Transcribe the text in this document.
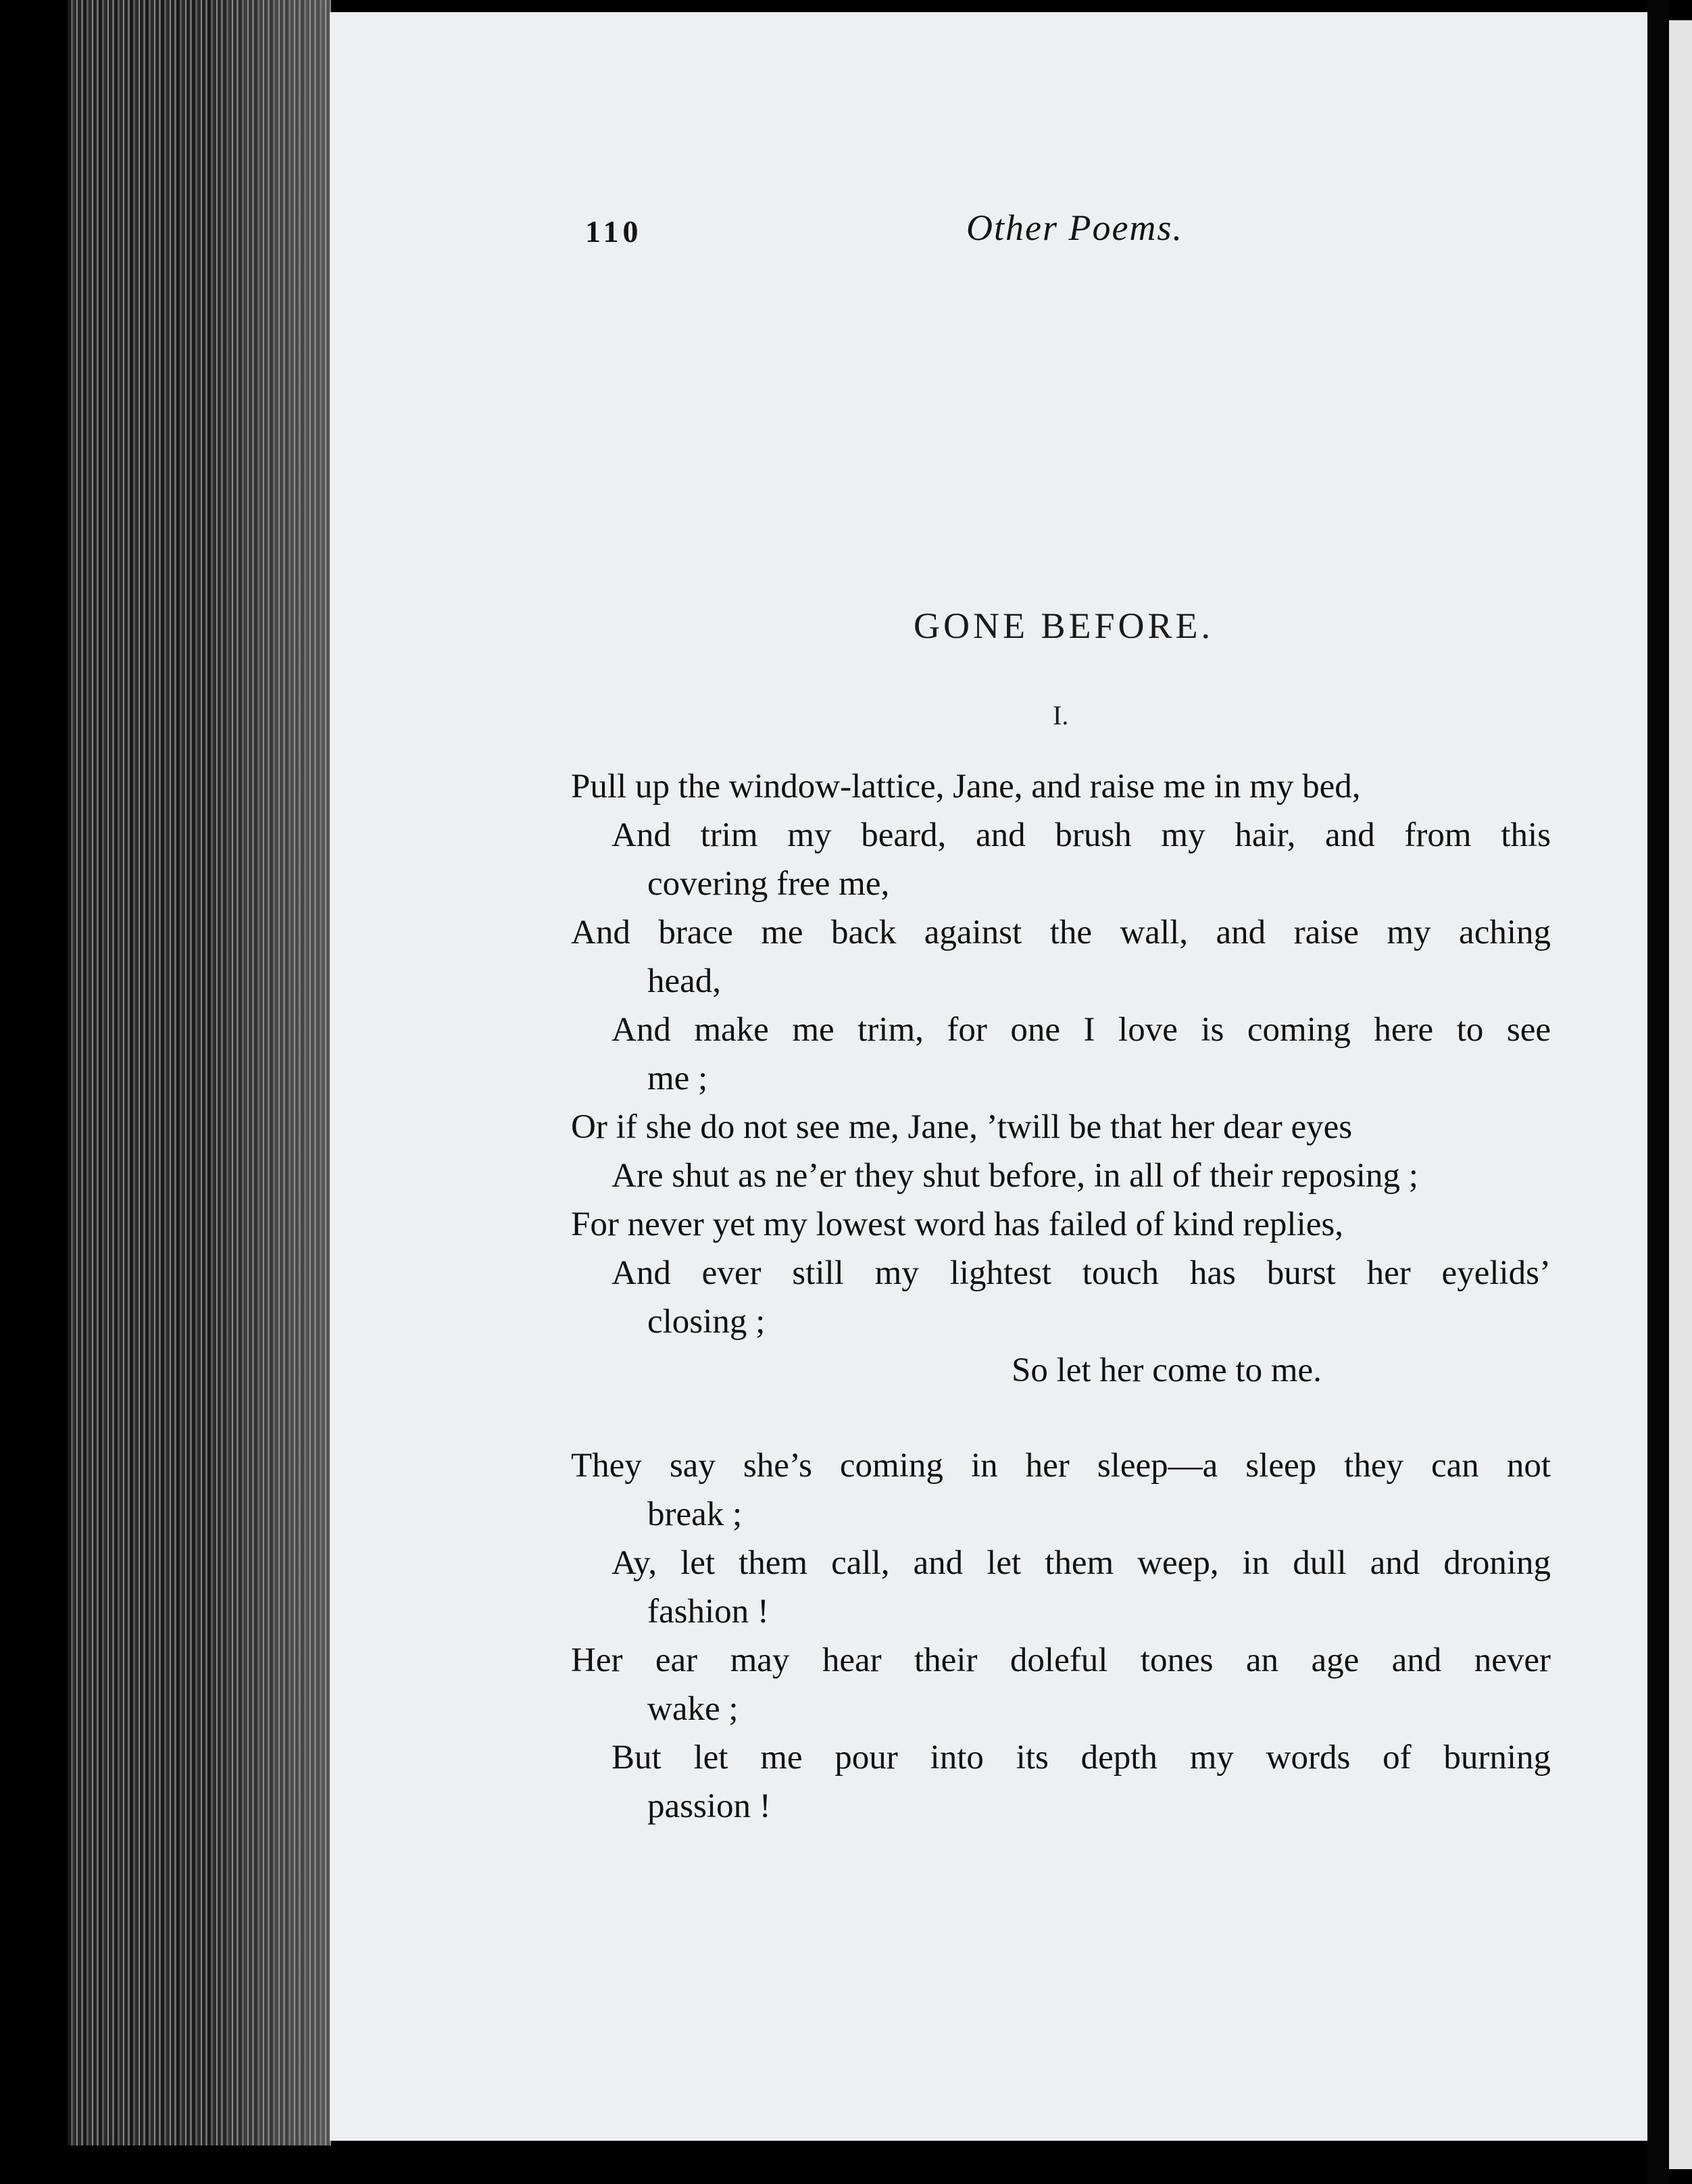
110	Other Poems.
GONE BEFORE.
I.
Pull up the window-lattice, Jane, and raise me in my bed,
And trim my beard, and brush my hair, and from this
covering free me,
And brace me back against the wall, and raise my aching
head,
And make me trim, for one I love is coming here to see
me ;
Or if she do not see me, Jane, ’twill be that her dear eyes
Are shut as ne’er they shut before, in all of their reposing ;
For never yet my lowest word has failed of kind replies,
And ever still my lightest touch has burst her eyelids’
closing ;
So let her come to me.
They say she’s coming in her sleep—a sleep they can not
break ;
Ay, let them call, and let them weep, in dull and droning
fashion !
Her ear may hear their doleful tones an age and never
wake ;
But let me pour into its depth my words of burning
passion !
